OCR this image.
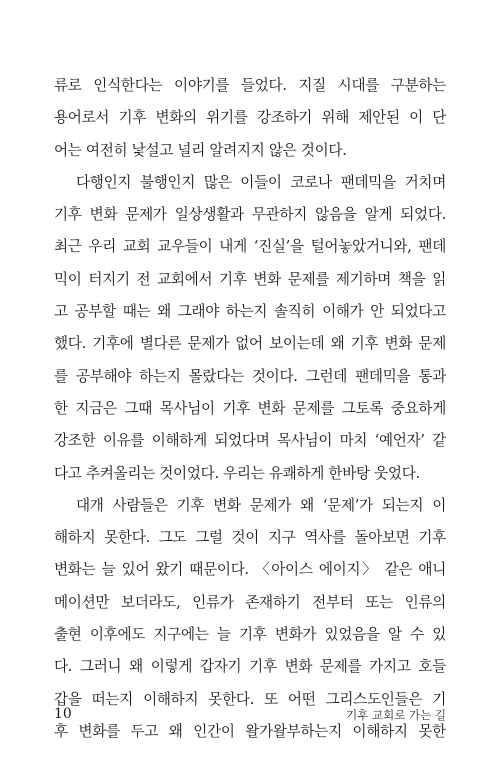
류로 인식한다는 이야기를 들었다. 지질 시대를 구분하는
용어로서 기후 변화의 위기를 강조하기 위해 제안된 이 단
어는 여전히 낯설고 널리 알려지지 않은 것이다.
다행인지 불행인지 많은 이들이 코로나 팬데믹을 거치며
기후 변화 문제가 일상생활과 무관하지 않음을 알게 되었다.
최근 우리 교회 교우들이 내게 ‘진실’을 털어놓았거니와, 팬데
믹이 터지기 전 교회에서 기후 변화 문제를 제기하며 책을 읽
고 공부할 때는 왜 그래야 하는지 솔직히 이해가 안 되었다고
했다. 기후에 별다른 문제가 없어 보이는데 왜 기후 변화 문제
를 공부해야 하는지 몰랐다는 것이다. 그런데 팬데믹을 통과
한 지금은 그때 목사님이 기후 변화 문제를 그토록 중요하게
강조한 이유를 이해하게 되었다며 목사님이 마치 ‘예언자’ 같
다고 추켜올리는 것이었다. 우리는 유쾌하게 한바탕 웃었다.
대개 사람들은 기후 변화 문제가 왜 ‘문제’가 되는지 이
해하지 못한다. 그도 그럴 것이 지구 역사를 돌아보면 기후
변화는 늘 있어 왔기 때문이다. 〈아이스 에이지〉 같은 애니
메이션만 보더라도, 인류가 존재하기 전부터 또는 인류의
출현 이후에도 지구에는 늘 기후 변화가 있었음을 알 수 있
다. 그러니 왜 이렇게 갑자기 기후 변화 문제를 가지고 호들
갑을 떠는지 이해하지 못한다. 또 어떤 그리스도인들은 기
후 변화를 두고 왜 인간이 왈가왈부하는지 이해하지 못한
10	기후 교회로 가는 길
